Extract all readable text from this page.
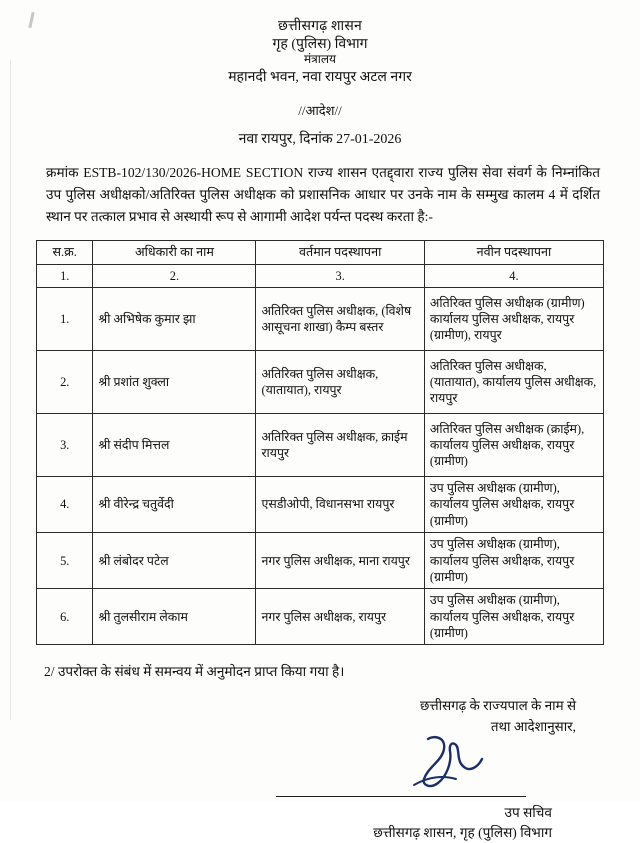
छत्तीसगढ़ शासन
गृह (पुलिस) विभाग
मंत्रालय
महानदी भवन, नवा रायपुर अटल नगर
//आदेश//
नवा रायपुर, दिनांक 27-01-2026
क्रमांक ESTB-102/130/2026-HOME SECTION राज्य शासन एतद्द्वारा राज्य पुलिस सेवा संवर्ग के निम्नांकित उप पुलिस अधीक्षको/अतिरिक्त पुलिस अधीक्षक को प्रशासनिक आधार पर उनके नाम के सम्मुख कालम 4 में दर्शित स्थान पर तत्काल प्रभाव से अस्थायी रूप से आगामी आदेश पर्यन्त पदस्थ करता है:-
स.क्र.	अधिकारी का नाम	वर्तमान पदस्थापना	नवीन पदस्थापना
1.	2.	3.	4.
1.	श्री अभिषेक कुमार झा	अतिरिक्त पुलिस अधीक्षक, (विशेष आसूचना शाखा) कैम्प बस्तर	अतिरिक्त पुलिस अधीक्षक (ग्रामीण) कार्यालय पुलिस अधीक्षक, रायपुर (ग्रामीण), रायपुर
2.	श्री प्रशांत शुक्ला	अतिरिक्त पुलिस अधीक्षक, (यातायात), रायपुर	अतिरिक्त पुलिस अधीक्षक, (यातायात), कार्यालय पुलिस अधीक्षक, रायपुर
3.	श्री संदीप मित्तल	अतिरिक्त पुलिस अधीक्षक, क्राईम रायपुर	अतिरिक्त पुलिस अधीक्षक (क्राईम), कार्यालय पुलिस अधीक्षक, रायपुर (ग्रामीण)
4.	श्री वीरेन्द्र चतुर्वेदी	एसडीओपी, विधानसभा रायपुर	उप पुलिस अधीक्षक (ग्रामीण), कार्यालय पुलिस अधीक्षक, रायपुर (ग्रामीण)
5.	श्री लंबोदर पटेल	नगर पुलिस अधीक्षक, माना रायपुर	उप पुलिस अधीक्षक (ग्रामीण), कार्यालय पुलिस अधीक्षक, रायपुर (ग्रामीण)
6.	श्री तुलसीराम लेकाम	नगर पुलिस अधीक्षक, रायपुर	उप पुलिस अधीक्षक (ग्रामीण), कार्यालय पुलिस अधीक्षक, रायपुर (ग्रामीण)
2/ उपरोक्त के संबंध में समन्वय में अनुमोदन प्राप्त किया गया है।
छत्तीसगढ़ के राज्यपाल के नाम से
तथा आदेशानुसार,
उप सचिव
छत्तीसगढ़ शासन, गृह (पुलिस) विभाग
